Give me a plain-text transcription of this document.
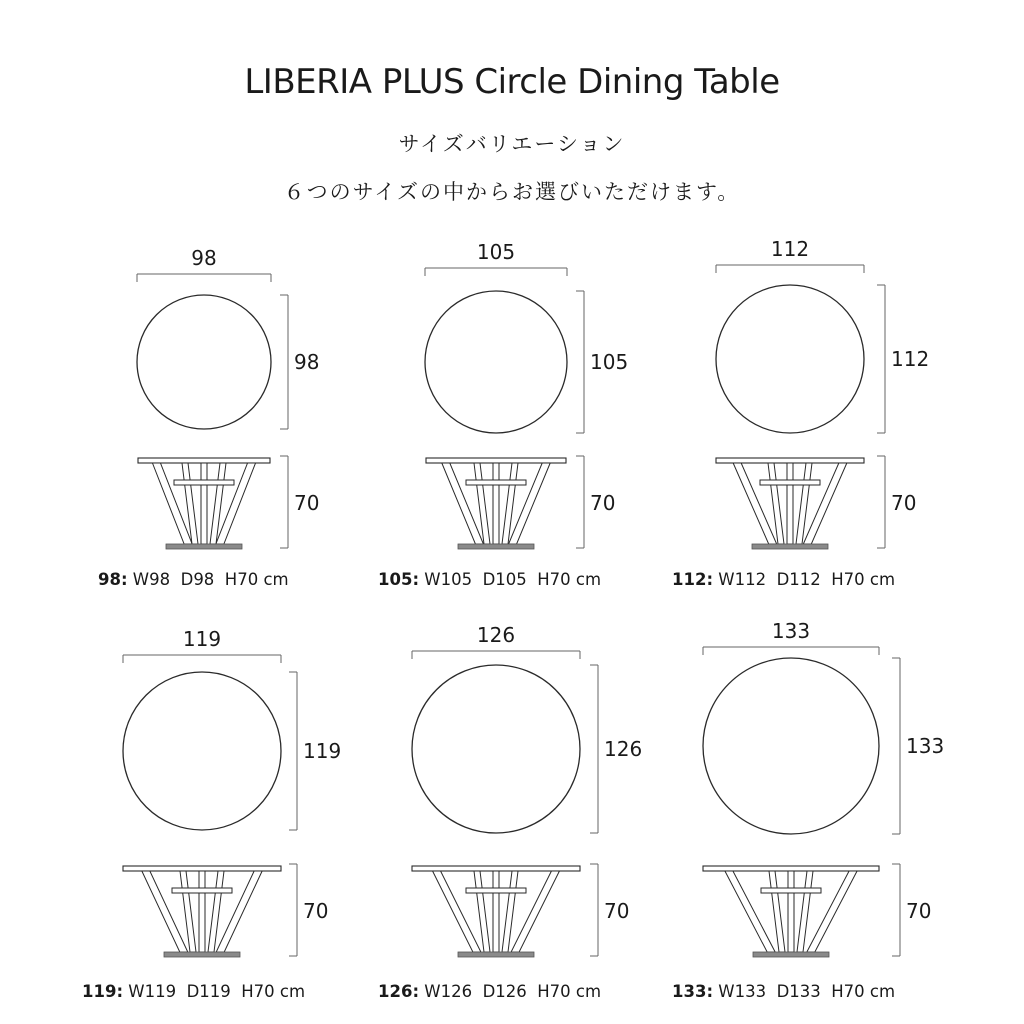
LIBERIA PLUS Circle Dining Table
サイズバリエーション
６つのサイズの中からお選びいただけます。
98
98
70
105
105
70
112
112
70
119
119
70
126
126
70
133
133
70
98: W98  D98  H70 cm	105: W105  D105  H70 cm	112: W112  D112  H70 cm
119: W119  D119  H70 cm	126: W126  D126  H70 cm	133: W133  D133  H70 cm
